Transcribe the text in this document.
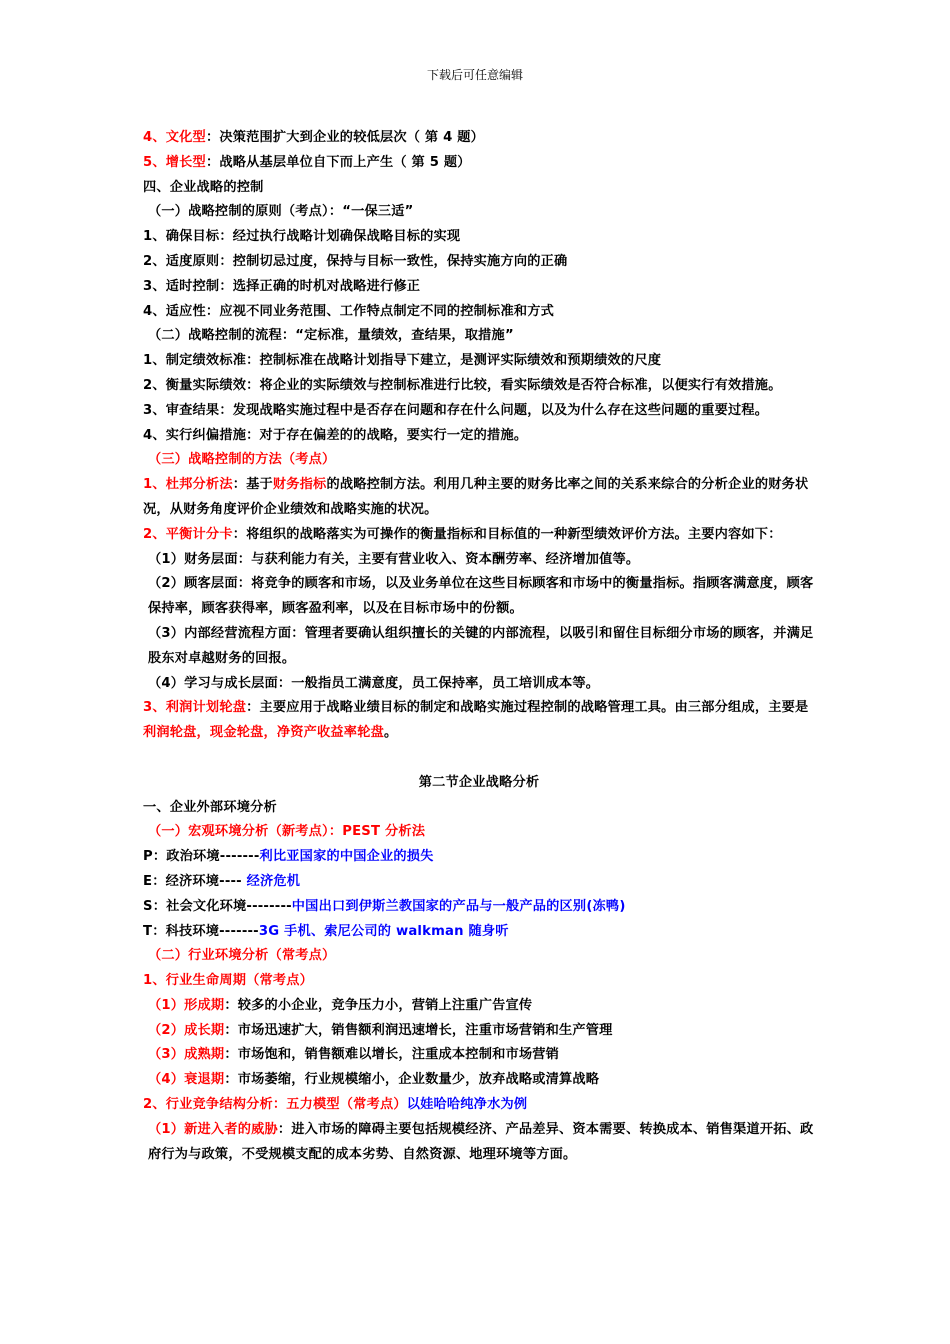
下载后可任意编辑
4、文化型：决策范围扩大到企业的较低层次（ 第 4 题）
5、增长型：战略从基层单位自下而上产生（ 第 5 题）
四、企业战略的控制
（一）战略控制的原则（考点）：“一保三适”
1、确保目标：经过执行战略计划确保战略目标的实现
2、适度原则：控制切忌过度，保持与目标一致性，保持实施方向的正确
3、适时控制：选择正确的时机对战略进行修正
4、适应性：应视不同业务范围、工作特点制定不同的控制标准和方式
（二）战略控制的流程：“定标准，量绩效，查结果，取措施”
1、制定绩效标准：控制标准在战略计划指导下建立，是测评实际绩效和预期绩效的尺度
2、衡量实际绩效：将企业的实际绩效与控制标准进行比较，看实际绩效是否符合标准，以便实行有效措施。
3、审查结果：发现战略实施过程中是否存在问题和存在什么问题，以及为什么存在这些问题的重要过程。
4、实行纠偏措施：对于存在偏差的的战略，要实行一定的措施。
（三）战略控制的方法（考点）
1、杜邦分析法：基于财务指标的战略控制方法。利用几种主要的财务比率之间的关系来综合的分析企业的财务状况，从财务角度评价企业绩效和战略实施的状况。
2、平衡计分卡：将组织的战略落实为可操作的衡量指标和目标值的一种新型绩效评价方法。主要内容如下：
（1）财务层面：与获利能力有关，主要有营业收入、资本酬劳率、经济增加值等。
（2）顾客层面：将竞争的顾客和市场，以及业务单位在这些目标顾客和市场中的衡量指标。指顾客满意度，顾客保持率，顾客获得率，顾客盈利率，以及在目标市场中的份额。
（3）内部经营流程方面：管理者要确认组织擅长的关键的内部流程，以吸引和留住目标细分市场的顾客，并满足股东对卓越财务的回报。
（4）学习与成长层面：一般指员工满意度，员工保持率，员工培训成本等。
3、利润计划轮盘：主要应用于战略业绩目标的制定和战略实施过程控制的战略管理工具。由三部分组成，主要是利润轮盘，现金轮盘，净资产收益率轮盘。
第二节企业战略分析
一、企业外部环境分析
（一）宏观环境分析（新考点）：PEST 分析法
P：政治环境-------利比亚国家的中国企业的损失
E：经济环境---- 经济危机
S：社会文化环境--------中国出口到伊斯兰教国家的产品与一般产品的区别(冻鸭)
T：科技环境-------3G 手机、索尼公司的 walkman 随身听
（二）行业环境分析（常考点）
1、行业生命周期（常考点）
（1）形成期：较多的小企业，竞争压力小，营销上注重广告宣传
（2）成长期：市场迅速扩大，销售额利润迅速增长，注重市场营销和生产管理
（3）成熟期：市场饱和，销售额难以增长，注重成本控制和市场营销
（4）衰退期：市场萎缩，行业规模缩小，企业数量少，放弃战略或清算战略
2、行业竞争结构分析：五力模型（常考点）以娃哈哈纯净水为例
（1）新进入者的威胁：进入市场的障碍主要包括规模经济、产品差异、资本需要、转换成本、销售渠道开拓、政府行为与政策，不受规模支配的成本劣势、自然资源、地理环境等方面。
